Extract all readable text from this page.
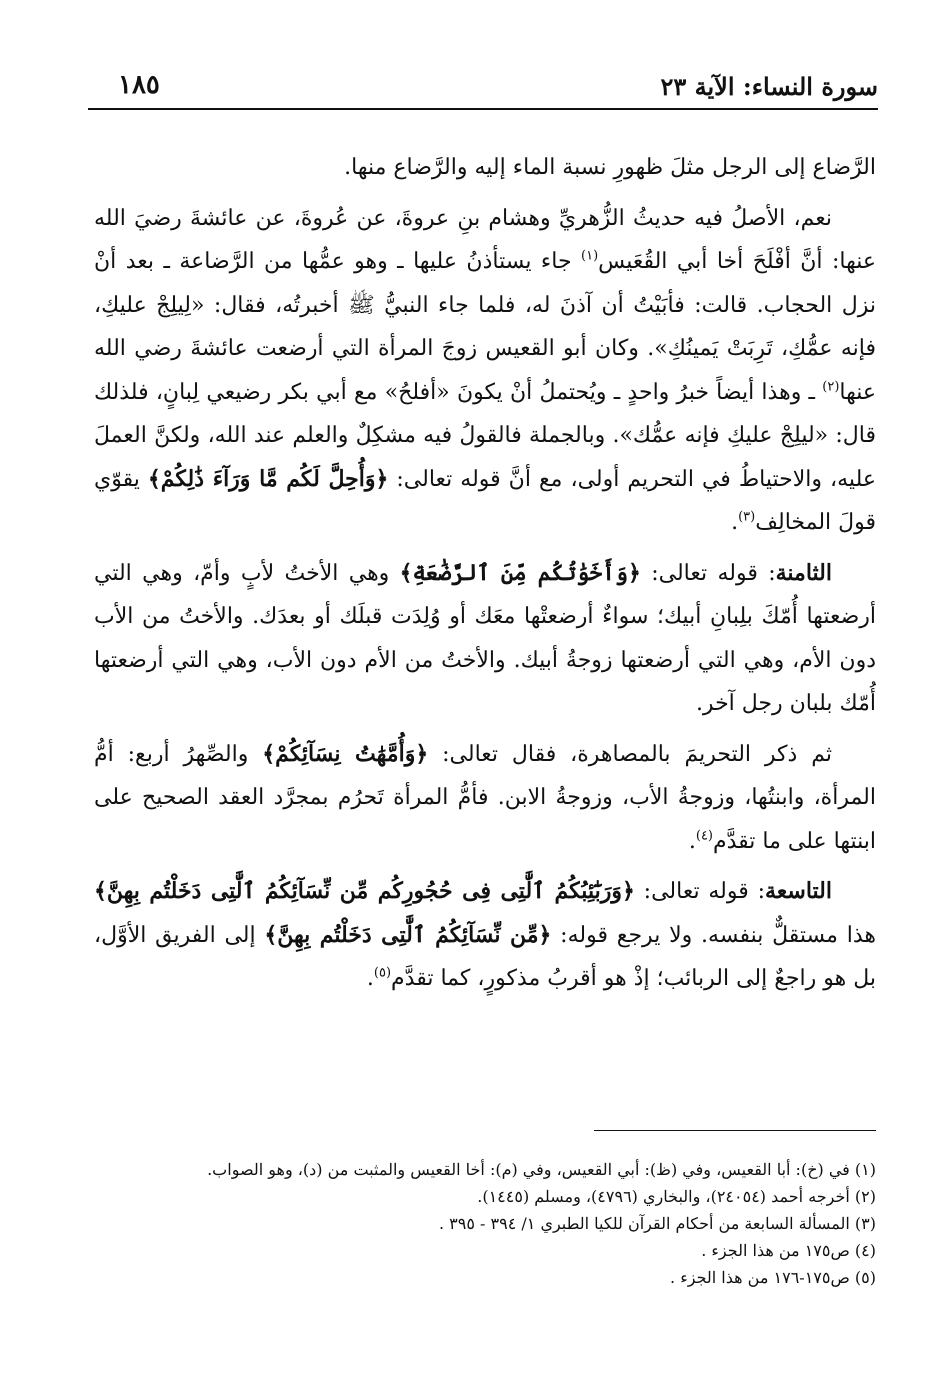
سورة النساء: الآية ٢٣
١٨٥

الرَّضاع إلى الرجل مثلَ ظهورِ نسبة الماء إليه والرَّضاع منها.

نعم، الأصلُ فيه حديثُ الزُّهريِّ وهشام بنِ عروةَ، عن عُروةَ، عن عائشةَ رضيَ الله عنها: أنَّ أفْلَحَ أخا أبي القُعَيس$^{(١)}$ جاء يستأذنُ عليها ـ وهو عمُّها من الرَّضاعة ـ بعد أنْ نزل الحجاب. قالت: فأبَيْتُ أن آذنَ له، فلما جاء النبيُّ ﷺ أخبرتُه، فقال: «لِيلِجْ عليكِ، فإنه عمُّكِ، تَرِبَتْ يَمينُكِ». وكان أبو القعيس زوجَ المرأة التي أرضعت عائشةَ رضي الله عنها$^{(٢)}$ ـ وهذا أيضاً خبرُ واحدٍ ـ ويُحتملُ أنْ يكونَ «أفلحُ» مع أبي بكر رضيعي لِبانٍ، فلذلك قال: «ليلِجْ عليكِ فإنه عمُّك». وبالجملة فالقولُ فيه مشكِلٌ والعلم عند الله، ولكنَّ العملَ عليه، والاحتياطُ في التحريم أولى، مع أنَّ قوله تعالى: ﴿وَأُحِلَّ لَكُم مَّا وَرَآءَ ذَٰلِكُمْ﴾ يقوّي قولَ المخالِف$^{(٣)}$.

الثامنة: قوله تعالى: ﴿وَأَخَوَٰتُكُم مِّنَ ٱلرَّضَٰعَةِ﴾ وهي الأختُ لأبٍ وأمّ، وهي التي أرضعتها أُمّكَ بلِبانِ أبيك؛ سواءٌ أرضعتْها معَك أو وُلِدَت قبلَك أو بعدَك. والأختُ من الأب دون الأم، وهي التي أرضعتها زوجةُ أبيك. والأختُ من الأم دون الأب، وهي التي أرضعتها أُمّك بلبان رجل آخر.

ثم ذكر التحريمَ بالمصاهرة، فقال تعالى: ﴿وَأُمَّهَٰتُ نِسَآئِكُمْ﴾ والصِّهرُ أربع: أمُّ المرأة، وابنتُها، وزوجةُ الأب، وزوجةُ الابن. فأمُّ المرأة تَحرُم بمجرَّد العقد الصحيح على ابنتها على ما تقدَّم$^{(٤)}$.

التاسعة: قوله تعالى: ﴿وَرَبَٰٓئِبُكُمُ ٱلَّٰتِى فِى حُجُورِكُم مِّن نِّسَآئِكُمُ ٱلَّٰتِى دَخَلْتُم بِهِنَّ﴾ هذا مستقلٌّ بنفسه. ولا يرجع قوله: ﴿مِّن نِّسَآئِكُمُ ٱلَّٰتِى دَخَلْتُم بِهِنَّ﴾ إلى الفريق الأوَّل، بل هو راجعٌ إلى الربائب؛ إذْ هو أقربُ مذكورٍ، كما تقدَّم$^{(٥)}$.

(١) في (خ): أبا القعيس، وفي (ظ): أبي القعيس، وفي (م): أخا القعيس والمثبت من (د)، وهو الصواب.

(٢) أخرجه أحمد (٢٤٠٥٤)، والبخاري (٤٧٩٦)، ومسلم (١٤٤٥).

(٣) المسألة السابعة من أحكام القرآن للكيا الطبري ١/ ٣٩٤ - ٣٩٥ .

(٤) ص١٧٥ من هذا الجزء .

(٥) ص١٧٥-١٧٦ من هذا الجزء .
